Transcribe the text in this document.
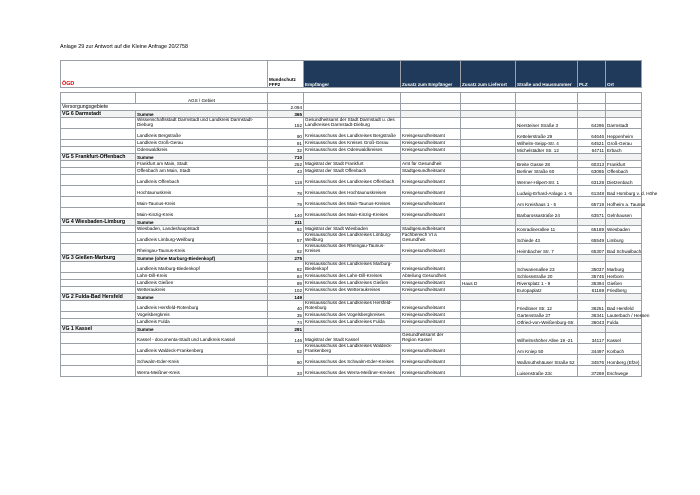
Anlage 29 zur Antwort auf die Kleine Anfrage 20/2758
ÖGD		Mundschutz FFP2	Empfänger	Zusatz zum Empfänger	Zusatz zum Lieferort	Straße und Hausnummer	PLZ	Ort

	AGS / Gebiet							
Versorgungsgebiete		2.094						
VG 6 Darmstadt	Summe	365						
	Wissenschaftsstadt Darmstadt und Landkreis Darmstadt-Dieburg	152	Gesundheitsamt der Stadt Darmstadt u. des Landkreises Darmstadt-Dieburg			Niersteiner Straße 3	64295	Darmstadt
	Landkreis Bergstraße	90	Kreisausschuss des Landkreises Bergstraße	Kreisgesundheitsamt		Kettelerstraße 29	64646	Heppenheim
	Landkreis Groß-Gerau	91	Kreisausschuss des Kreises Groß-Gerau	Kreisgesundheitsamt		Wilhelm-Seipp-Str. 4	64521	Groß-Gerau
	Odenwaldkreis	32	Kreisausschuss des Odenwaldkreises	Kreisgesundheitsamt		Michelstädter Str. 12	64711	Erbach
VG 5 Frankfurt-Offenbach	Summe	710						
	Frankfurt am Main, Stadt	252	Magistrat der Stadt Frankfurt	Amt für Gesundheit		Breite Gasse 28	60313	Frankfurt
	Offenbach am Main, Stadt	43	Magistrat der Stadt Offenbach	Stadtgesundheitsamt		Berliner Straße 60	63065	Offenbach
	Landkreis Offenbach	118	Kreisausschuss des Landkreises Offenbach	Kreisgesundheitsamt		Werner-Hilpert-Str. 1	63128	Dietzenbach
	Hochtaunuskreis	78	Kreisausschuss des Hochtaunuskreises	Kreisgesundheitsamt		Ludwig-Erhard-Anlage 1 -5	61348	Bad Homburg v. d. Höhe
	Main-Taunus-Kreis	79	Kreisausschuss des Main-Taunus-Kreises	Kreisgesundheitsamt		Am Kreishaus 1 - 5	65719	Hofheim a. Taunus
	Main-Kinzig-Kreis	140	Kreisausschuss des Main-Kinzig-Kreises	Kreisgesundheitsamt		Barbarossastraße 24	63571	Gelnhausen
VG 4 Wiesbaden-Limburg	Summe	211						
	Wiesbaden, Landeshauptstadt	92	Magistrat der Stadt Wiesbaden	Stadtgesundheitsamt		Konradinerallee 11	65189	Wiesbaden
	Landkreis Limburg-Weilburg	57	Kreisausschuss des Landkreises Limburg-Weilburg	Fachbereich VI a Gesundheit		Schiede 43	65549	Limburg
	Rheingau-Taunus-Kreis	62	Kreisausschuss des Rheingau-Taunus-Kreises	Kreisgesundheitsamt		Heimbacher Str. 7	65307	Bad Schwalbach
VG 3 Gießen-Marburg	Summe (ohne Marburg-Biedenkopf)	275						
	Landkreis Marburg-Biedenkopf	82	Kreisausschuss des Landkreises Marburg-Biedenkopf	Kreisgesundheitsamt		Schwanenallee 23	35037	Marburg
	Lahn-Dill-Kreis	84	Kreisausschuss des Lahn-Dill-Kreises	Abteilung Gesundheit		Schlossstraße 20	35745	Herborn
	Landkreis Gießen	89	Kreisausschuss des Landkreises Gießen	Kreisgesundheitsamt	Haus D	Riversplatz 1 - 9	35394	Gießen
	Wetteraukreis	102	Kreisausschuss des Wetteraukreises	Kreisgesundheitsamt		Europaplatz	61169	Friedberg
VG 2 Fulda-Bad Hersfeld	Summe	149						
	Landkreis Hersfeld-Rotenburg	40	Kreisausschuss des Landkreises Hersfeld-Rotenburg	Kreisgesundheitsamt		Friedloser Str. 12	36251	Bad Hersfeld
	Vogelsbergkreis	35	Kreisausschuss des Vogelsbergkreises	Kreisgesundheitsamt		Gartenstraße 27	36341	Lauterbach / Hessen
	Landkreis Fulda	74	Kreisausschuss des Landkreises Fulda	Kreisgesundheitsamt		Otfried-von-Weißenburg-Str.	36043	Fulda
VG 1 Kassel	Summe	291						
	Kassel - documenta-Stadt und Landkreis Kassel	146	Magistrat der Stadt Kassel	Gesundheitsamt der Region Kassel		Wilhelmshöher Allee 19 -21	34117	Kassel
	Landkreis Waldeck-Frankenberg	52	Kreisausschuss des Landkreises Waldeck-Frankenberg	Kreisgesundheitsamt		Am Kniep 50	34497	Korbach
	Schwalm-Eder-Kreis	60	Kreisausschuss des Schwalm-Eder-Kreises	Kreisgesundheitsamt		Waßmuthshäuser Straße 52	34576	Homberg (Efze)
	Werra-Meißner-Kreis	33	Kreisausschuss des Werra-Meißner-Kreises	Kreisgesundheitsamt		Luisenstraße 23c	37269	Eschwege
